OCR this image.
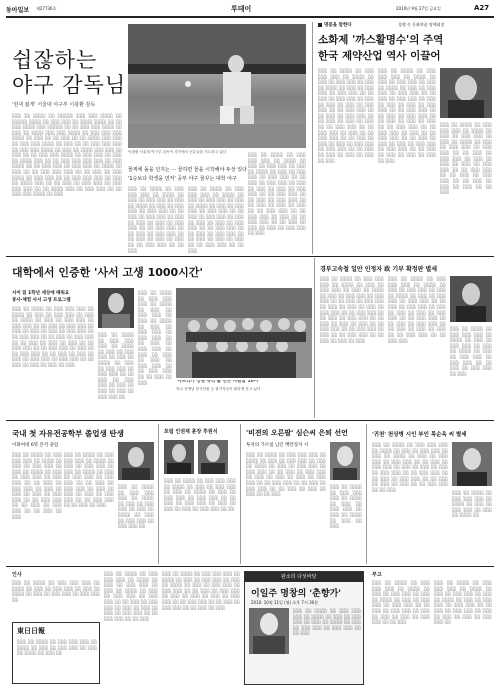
동아일보 제27736호	투데이	2010년 9월 27일 금요일	A27
쉽잖하는
야구 감독님
'현대 젊게' 서울대 야구부 이광환 감독
░░░ ░░ ░░░░ ░░ ░░░░░ ░░░ ░░░ ░░░░ ░░ ░░░░░ ░░░░ ░░ ░░░ ░░░ ░░ ░░░░ ░░░░ ░░ ░░ ░░░ ░░░░ ░░░ ░░░░░ ░░ ░░ ░░░ ░░░ ░░░░ ░░ ░░░ ░░ ░░░░ ░░░ ░░░ ░░░░ ░░ ░░░ ░░░ ░░░ ░░░░ ░░ ░░░ ░░ ░░ ░░░ ░░ ░░ ░░░░ ░░░ ░░░ ░░ ░░░ ░░░ ░░░░ ░░ ░░░ ░░ ░░ ░░░ ░░░ ░░░ ░░ ░░░ ░░░ ░░░░ ░░ ░░░ ░░ ░░░░ ░░░ ░░░ ░░ ░░░ ░░ ░░ ░░░ ░░░ ░░░░ ░░ ░░░ ░░░ ░░ ░░░ ░░ ░░░░ ░░░ ░░ ░░ ░░░ ░░░ ░░░ ░░░ ░░ ░░░ ░░░░ ░░ ░░ ░░░ ░░░ ░░ ░░░ ░░░ ░░ ░░░░ ░░ ░░░ ░░ ░░ ░░░ ░░░ ░░░ ░░ ░░ ░░░ ░░ ░░░ ░░░░ ░░ ░░░ ░░░ ░░ ░░ ░░░ ░░░ ░░░ ░░ ░░░ ░░ ░░░░ ░░░ ░░ ░░ ░░░ ░░ ░░░ ░░░ ░░ ░░░ ░░░ ░░░ ░░ ░░ ░░░░ ░░░ ░░ ░░░ ░░░ ░░ ░░ ░░░ ░░░ ░░░░ ░░ ░░░
이광환 서울대 야구부 감독이 경기에서 선수들을 지도하고 있다
꼴찌에 돌을 던지는 ··· 꼴하면 꼴을 시작해야 두상 있다
'1승보다 학생을 먼저' 공부 야구 꿈꾸는 대학 야구
░░░ ░░ ░░░░ ░░ ░░░ ░░░ ░░░ ░░ ░░░░ ░░ ░░░ ░░ ░░░ ░░░ ░░ ░░░ ░░ ░░░░ ░░ ░░░ ░░ ░░░ ░░░ ░░ ░░░ ░░░ ░░ ░░ ░░░ ░░ ░░░ ░░░ ░░ ░░░ ░░ ░░░ ░░ ░░░ ░░ ░░░ ░░░ ░░ ░░ ░░░ ░░░ ░░ ░░ ░░░ ░░ ░░░ ░░░ ░░ ░░ ░░░ ░░ ░░░ ░░ ░░░ ░░ ░░ ░░░ ░░░ ░░ ░░ ░░░
░░░ ░░ ░░░░ ░░ ░░░ ░░░ ░░░ ░░ ░░░░ ░░ ░░░ ░░ ░░░ ░░░ ░░ ░░░ ░░ ░░░░ ░░ ░░░ ░░ ░░░ ░░░ ░░ ░░░ ░░░ ░░ ░░ ░░░ ░░ ░░░ ░░░ ░░ ░░░ ░░ ░░░ ░░ ░░░ ░░ ░░░ ░░░ ░░ ░░ ░░░ ░░░ ░░ ░░ ░░░ ░░ ░░░ ░░░ ░░ ░░ ░░░ ░░ ░░░ ░░ ░░░ ░░ ░░ ░░░ ░░░ ░░ ░░ ░░░
░░░ ░░ ░░░░ ░░ ░░░ ░░░ ░░░ ░░ ░░░░ ░░ ░░░ ░░ ░░░ ░░░ ░░ ░░░ ░░ ░░░░ ░░ ░░░ ░░ ░░░ ░░░ ░░ ░░░ ░░░ ░░ ░░ ░░░ ░░ ░░░ ░░░ ░░ ░░░ ░░ ░░░ ░░ ░░░ ░░ ░░░ ░░░ ░░ ░░ ░░░ ░░░ ░░ ░░ ░░░ ░░ ░░░ ░░░ ░░ ░░ ░░░ ░░ ░░░ ░░ ░░░ ░░ ░░ ░░░ ░░░ ░░ ░░ ░░░ ░░░ ░░ ░░░ ░░ ░░ ░░░ ░░░ ░░ ░░ ░░░ ░░ ░░░ ░░ ░░░ ░░ ░░░ ░░░ ░░ ░░░
명품을 말한다	경쟁 속 동화약품 명예회장
소화제 '까스활명수'의 주역
한국 제약산업 역사 이끌어
░░░ ░░ ░░░░ ░░ ░░░ ░░░ ░░░ ░░ ░░░░ ░░ ░░░ ░░ ░░░ ░░░ ░░ ░░░ ░░ ░░░░ ░░ ░░░ ░░ ░░░ ░░░ ░░ ░░░ ░░░ ░░ ░░ ░░░ ░░ ░░░ ░░░ ░░ ░░░ ░░ ░░░ ░░ ░░░ ░░ ░░░ ░░░ ░░ ░░ ░░░ ░░░ ░░ ░░ ░░░ ░░ ░░░ ░░░ ░░ ░░ ░░░ ░░ ░░░ ░░ ░░░ ░░ ░░ ░░░ ░░░ ░░ ░░ ░░░ ░░░ ░░ ░░░ ░░ ░░ ░░░ ░░░ ░░ ░░ ░░░ ░░ ░░░ ░░ ░░░ ░░ ░░░ ░░░ ░░ ░░░ ░░░ ░░ ░░ ░░░ ░░ ░░░ ░░ ░░░ ░░ ░░░ ░░ ░░░
░░░ ░░ ░░░░ ░░ ░░░ ░░░ ░░░ ░░ ░░░░ ░░ ░░░ ░░ ░░░ ░░░ ░░ ░░░ ░░ ░░░░ ░░ ░░░ ░░ ░░░ ░░░ ░░ ░░░ ░░░ ░░ ░░ ░░░ ░░ ░░░ ░░░ ░░ ░░░ ░░ ░░░ ░░ ░░░ ░░ ░░░ ░░░ ░░ ░░ ░░░ ░░░ ░░ ░░ ░░░ ░░ ░░░ ░░░ ░░ ░░ ░░░ ░░ ░░░ ░░ ░░░ ░░ ░░ ░░░ ░░░ ░░ ░░ ░░░ ░░░ ░░ ░░░ ░░ ░░ ░░░ ░░░ ░░ ░░ ░░░ ░░ ░░░ ░░ ░░░ ░░ ░░░ ░░░ ░░ ░░░ ░░░ ░░ ░░ ░░░ ░░ ░░░ ░░ ░░░ ░░ ░░░ ░░ ░░░
░░░ ░░ ░░░░ ░░ ░░░ ░░░ ░░░ ░░ ░░░░ ░░ ░░░ ░░ ░░░ ░░░ ░░ ░░░ ░░ ░░░░ ░░ ░░░ ░░ ░░░ ░░░ ░░ ░░░ ░░░ ░░ ░░ ░░░ ░░ ░░░ ░░░ ░░ ░░░ ░░ ░░░ ░░ ░░░ ░░ ░░░ ░░░ ░░ ░░ ░░░ ░░░ ░░ ░░ ░░░ ░░ ░░░ ░░░ ░░ ░░ ░░░ ░░ ░░░ ░░ ░░░ ░░ ░░ ░░░
대학에서 인증한 '사서 고생 1000시간'
서어 읽 1학년 세상에 배워요
봉사·체험 사서 고생 프로그램
░░░ ░░ ░░░░ ░░ ░░░ ░░░ ░░░ ░░ ░░░░ ░░ ░░░ ░░ ░░░ ░░░ ░░ ░░░ ░░ ░░░░ ░░ ░░░ ░░ ░░░ ░░░ ░░ ░░░ ░░░ ░░ ░░ ░░░ ░░ ░░░ ░░░ ░░ ░░░ ░░ ░░░ ░░ ░░░ ░░ ░░░ ░░░ ░░ ░░ ░░░ ░░░ ░░ ░░ ░░░ ░░ ░░░ ░░░ ░░ ░░ ░░░ ░░ ░░░ ░░ ░░░ ░░ ░░ ░░░ ░░░ ░░ ░░ ░░░ ░░░ ░░ ░░░ ░░ ░░ ░░░ ░░░ ░░ ░░ ░░░ ░░ ░░░ ░░ ░░░ ░░ ░░░ ░░░ ░░ ░░░ ░░░ ░░ ░░ ░░░ ░░ ░░░ ░░ ░░░ ░░ ░░░
░░░ ░░ ░░░░ ░░ ░░░ ░░░ ░░░ ░░ ░░░░ ░░ ░░░ ░░ ░░░ ░░░ ░░ ░░░ ░░ ░░░░ ░░ ░░░ ░░ ░░░ ░░░ ░░ ░░░ ░░░ ░░ ░░ ░░░ ░░ ░░░ ░░░ ░░ ░░░ ░░ ░░░ ░░ ░░░ ░░ ░░░ ░░░ ░░
░░░ ░░ ░░░░ ░░ ░░░ ░░░ ░░░ ░░ ░░░░ ░░ ░░░ ░░ ░░░ ░░░ ░░ ░░░ ░░ ░░░░ ░░ ░░░ ░░ ░░░ ░░░ ░░ ░░░ ░░░ ░░ ░░ ░░░ ░░ ░░░ ░░░ ░░ ░░░ ░░ ░░░ ░░ ░░░ ░░ ░░░ ░░░ ░░ ░░ ░░░ ░░░ ░░ ░░ ░░░ ░░ ░░░	'아프리카 강원 유리'를 만든 사람들 10시
학교 선생님 봉사단원 등 참가자들이 환하게 웃고 있다
경부고속철 일안 인정자 政 기부 확정판 별세
░░░ ░░ ░░░░ ░░ ░░░ ░░░ ░░░ ░░ ░░░░ ░░ ░░░ ░░ ░░░ ░░░ ░░ ░░░ ░░ ░░░░ ░░ ░░░ ░░ ░░░ ░░░ ░░ ░░░ ░░░ ░░ ░░ ░░░ ░░ ░░░ ░░░ ░░ ░░░ ░░ ░░░ ░░ ░░░ ░░ ░░░ ░░░ ░░ ░░ ░░░ ░░░ ░░ ░░ ░░░ ░░ ░░░ ░░░ ░░ ░░ ░░░ ░░ ░░░ ░░ ░░░ ░░ ░░ ░░░ ░░░ ░░ ░░ ░░░ ░░░ ░░ ░░░ ░░ ░░ ░░░ ░░░ ░░ ░░ ░░░ ░░ ░░░ ░░ ░░░
░░░ ░░ ░░░░ ░░ ░░░ ░░░ ░░░ ░░ ░░░░ ░░ ░░░ ░░ ░░░ ░░░ ░░ ░░░ ░░ ░░░░ ░░ ░░░ ░░ ░░░ ░░░ ░░ ░░░ ░░░ ░░ ░░ ░░░ ░░ ░░░ ░░░ ░░ ░░░ ░░ ░░░ ░░ ░░░ ░░ ░░░ ░░░ ░░ ░░ ░░░ ░░░ ░░ ░░ ░░░ ░░ ░░░ ░░░ ░░ ░░ ░░░ ░░ ░░░ ░░ ░░░ ░░ ░░ ░░░ ░░░ ░░ ░░ ░░░ ░░░
░░░ ░░ ░░░░ ░░ ░░░ ░░░ ░░░ ░░ ░░░░ ░░ ░░░ ░░ ░░░ ░░░ ░░ ░░░ ░░ ░░░░ ░░ ░░░ ░░ ░░░ ░░░ ░░ ░░░ ░░░ ░░ ░░ ░░░ ░░ ░░░ ░░░ ░░ ░░░
국내 첫 자유전공학부 졸업생 탄생
이화여대 6명 본격 졸업
░░░ ░░ ░░░░ ░░ ░░░ ░░░ ░░░ ░░ ░░░░ ░░ ░░░ ░░ ░░░ ░░░ ░░ ░░░ ░░ ░░░░ ░░ ░░░ ░░ ░░░ ░░░ ░░ ░░░ ░░░ ░░ ░░ ░░░ ░░ ░░░ ░░░ ░░ ░░░ ░░ ░░░ ░░ ░░░ ░░ ░░░ ░░░ ░░ ░░ ░░░ ░░░ ░░ ░░ ░░░ ░░ ░░░ ░░░ ░░ ░░ ░░░ ░░ ░░░
░░░ ░░ ░░░░ ░░ ░░░ ░░░ ░░░ ░░ ░░░░ ░░ ░░░ ░░ ░░░ ░░░ ░░ ░░░ ░░ ░░░░ ░░ ░░░ ░░ ░░░ ░░░ ░░ ░░░ ░░░ ░░ ░░ ░░░ ░░ ░░░ ░░░ ░░ ░░░ ░░ ░░░ ░░ ░░░ ░░ ░░░ ░░░ ░░ ░░ ░░░ ░░░ ░░ ░░ ░░░ ░░ ░░░
░░░ ░░ ░░░░ ░░ ░░░ ░░░ ░░░ ░░ ░░░░ ░░ ░░░ ░░ ░░░ ░░░ ░░ ░░░ ░░ ░░░░ ░░ ░░░ ░░ ░░░ ░░░ ░░ ░░░ ░░░ ░░
포럼 인권재 훈장 후원식
░░░ ░░ ░░░░ ░░ ░░░ ░░░ ░░░ ░░ ░░░░ ░░ ░░░ ░░ ░░░ ░░░ ░░ ░░░ ░░ ░░░░ ░░ ░░░ ░░ ░░░ ░░░ ░░ ░░░ ░░░ ░░ ░░ ░░░ ░░ ░░░ ░░░ ░░ ░░░ ░░ ░░░ ░░ ░░░ ░░ ░░░ ░░░ ░░ ░░
'비젼의 오른팔' 심슨씨 은퇴 선언
투자의 가르침 남긴 백만장자 서
░░░ ░░ ░░░░ ░░ ░░░ ░░░ ░░░ ░░ ░░░░ ░░ ░░░ ░░ ░░░ ░░░ ░░ ░░░ ░░ ░░░░ ░░ ░░░ ░░ ░░░ ░░░ ░░ ░░░ ░░░ ░░ ░░ ░░░ ░░ ░░░ ░░░ ░░ ░░░ ░░ ░░░ ░░ ░░░ ░░ ░░░ ░░░ ░░ ░░ ░░░ ░░░ ░░ ░░ ░░░ ░░ ░░░ ░░░ ░░ ░░ ░░░ ░░ ░░░ ░░ ░░░ ░░ ░░ ░░░
░░░ ░░ ░░░░ ░░ ░░░ ░░░ ░░░ ░░ ░░░░ ░░ ░░░ ░░ ░░░ ░░░ ░░ ░░░ ░░ ░░░░ ░░ ░░░ ░░ ░░░
'귀천' 천상병 시인 부인 목순옥 씨 별세
░░░ ░░ ░░░░ ░░ ░░░ ░░░ ░░░ ░░ ░░░░ ░░ ░░░ ░░ ░░░ ░░░ ░░ ░░░ ░░ ░░░░ ░░ ░░░ ░░ ░░░ ░░░ ░░ ░░░ ░░░ ░░ ░░ ░░░ ░░ ░░░ ░░░ ░░ ░░░ ░░ ░░░ ░░ ░░░ ░░ ░░░ ░░░ ░░ ░░ ░░░ ░░░ ░░ ░░ ░░░ ░░ ░░░ ░░░ ░░ ░░ ░░░ ░░ ░░░ ░░ ░░░ ░░ ░░ ░░░ ░░░ ░░ ░░ ░░░
░░░ ░░ ░░░░ ░░ ░░░ ░░░ ░░░ ░░ ░░░░ ░░ ░░░ ░░ ░░░ ░░░ ░░ ░░░ ░░ ░░░░ ░░
인사
░░░ ░░ ░░░░ ░░ ░░░ ░░░ ░░░ ░░ ░░░░ ░░ ░░░ ░░ ░░░ ░░░ ░░ ░░░ ░░ ░░░░ ░░ ░░░ ░░ ░░░ ░░░ ░░ ░░░ ░░░ ░░
東日日報
░░░ ░░ ░░░░ ░░ ░░░ ░░░ ░░░ ░░ ░░░░ ░░ ░░░ ░░ ░░░ ░░░ ░░ ░░░ ░░ ░░░░ ░░ ░░░ ░░
░░░ ░░ ░░░░ ░░ ░░░ ░░░ ░░░ ░░ ░░░░ ░░ ░░░ ░░ ░░░ ░░░ ░░ ░░░ ░░ ░░░░ ░░ ░░░ ░░ ░░░ ░░░ ░░ ░░░ ░░░ ░░ ░░ ░░░ ░░ ░░░ ░░░ ░░ ░░░ ░░ ░░░ ░░ ░░░ ░░ ░░░ ░░░ ░░ ░░ ░░░ ░░░ ░░ ░░ ░░░
░░░ ░░ ░░░░ ░░ ░░░ ░░░ ░░░ ░░ ░░░░ ░░ ░░░ ░░ ░░░ ░░░ ░░ ░░░ ░░ ░░░░ ░░ ░░░ ░░ ░░░ ░░░ ░░ ░░░ ░░░ ░░ ░░ ░░░ ░░ ░░░ ░░░ ░░ ░░░ ░░ ░░░ ░░ ░░░ ░░ ░░░ ░░░ ░░ ░░ ░░░ ░░░ ░░ ░░ ░░░ ░░ ░░░ ░░░ ░░ ░░ ░░░ ░░ ░░░
판소리 다섯바탕
이일주 명창의 '춘향가'
2010. 10월 11일 (월) 오후 7시 30분
░░░ ░░ ░░░░ ░░ ░░░ ░░░ ░░░ ░░ ░░░░ ░░ ░░░ ░░ ░░░ ░░░ ░░ ░░░ ░░ ░░░░ ░░ ░░░ ░░ ░░░ ░░░ ░░ ░░░ ░░░ ░░ ░░ ░░░
부고
░░░ ░░ ░░░░ ░░ ░░░ ░░░ ░░░ ░░ ░░░░ ░░ ░░░ ░░ ░░░ ░░░ ░░ ░░░ ░░ ░░░░ ░░ ░░░ ░░ ░░░ ░░░ ░░ ░░░ ░░░ ░░ ░░ ░░░ ░░ ░░░ ░░░ ░░ ░░░ ░░ ░░░ ░░ ░░░ ░░ ░░░ ░░░ ░░ ░░ ░░░
░░░ ░░ ░░░░ ░░ ░░░ ░░░ ░░░ ░░ ░░░░ ░░ ░░░ ░░ ░░░ ░░░ ░░ ░░░ ░░ ░░░░ ░░ ░░░ ░░ ░░░ ░░░ ░░ ░░░ ░░░ ░░ ░░ ░░░ ░░ ░░░ ░░░ ░░ ░░░ ░░ ░░░ ░░ ░░░ ░░ ░░░ ░░░ ░░
